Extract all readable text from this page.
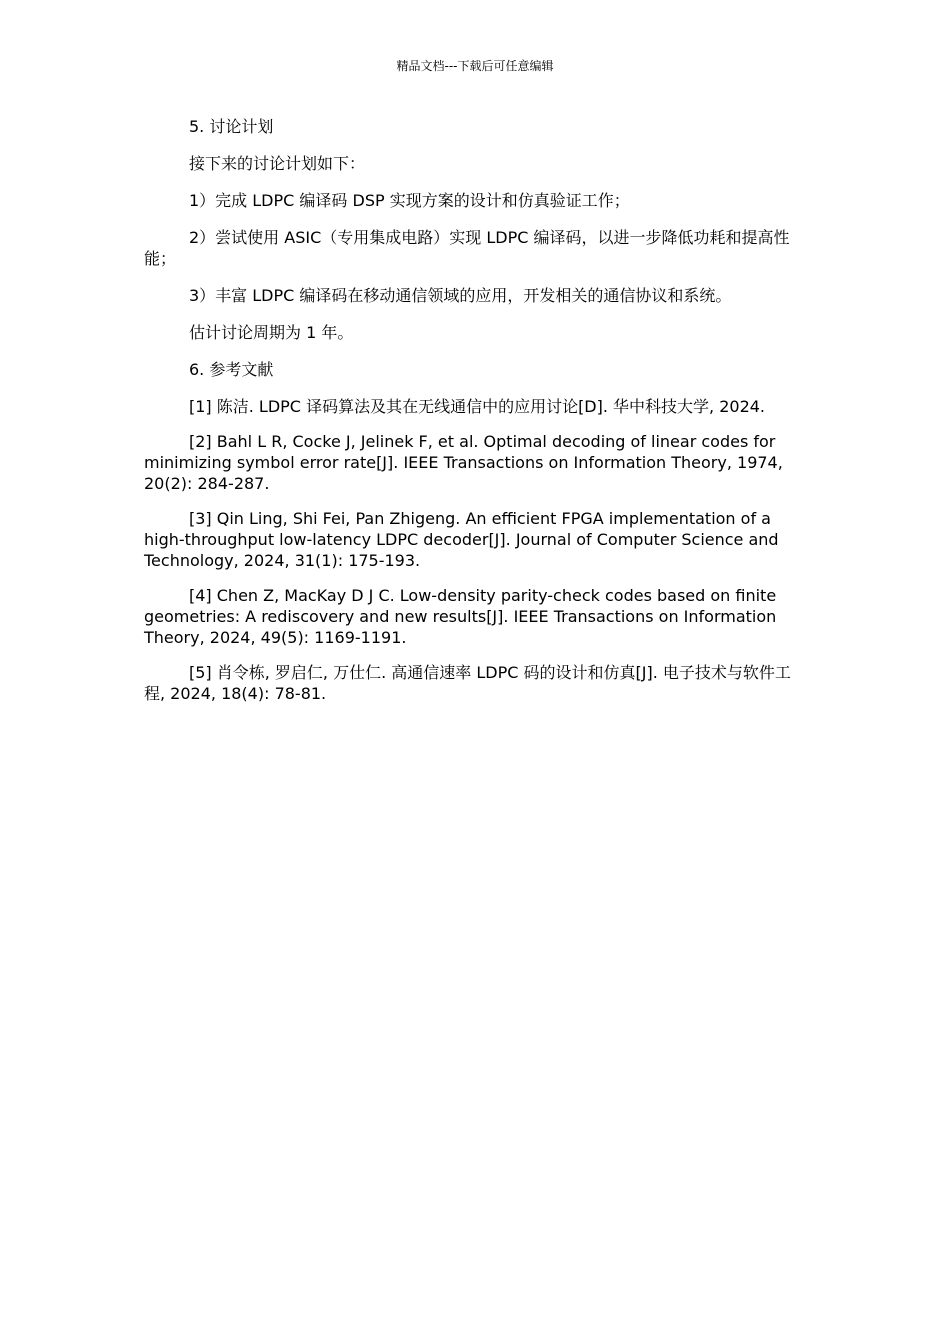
精品文档---下载后可任意编辑

5. 讨论计划

接下来的讨论计划如下：

1）完成 LDPC 编译码 DSP 实现方案的设计和仿真验证工作；

2）尝试使用 ASIC（专用集成电路）实现 LDPC 编译码，以进一步降低功耗和提高性能；

3）丰富 LDPC 编译码在移动通信领域的应用，开发相关的通信协议和系统。

估计讨论周期为 1 年。

6. 参考文献

[1] 陈洁. LDPC 译码算法及其在无线通信中的应用讨论[D]. 华中科技大学, 2024.

[2] Bahl L R, Cocke J, Jelinek F, et al. Optimal decoding of linear codes for minimizing symbol error rate[J]. IEEE Transactions on Information Theory, 1974, 20(2): 284-287.

[3] Qin Ling, Shi Fei, Pan Zhigeng. An efficient FPGA implementation of a high-throughput low-latency LDPC decoder[J]. Journal of Computer Science and Technology, 2024, 31(1): 175-193.

[4] Chen Z, MacKay D J C. Low-density parity-check codes based on finite geometries: A rediscovery and new results[J]. IEEE Transactions on Information Theory, 2024, 49(5): 1169-1191.

[5] 肖令栋, 罗启仁, 万仕仁. 高通信速率 LDPC 码的设计和仿真[J]. 电子技术与软件工程, 2024, 18(4): 78-81.
